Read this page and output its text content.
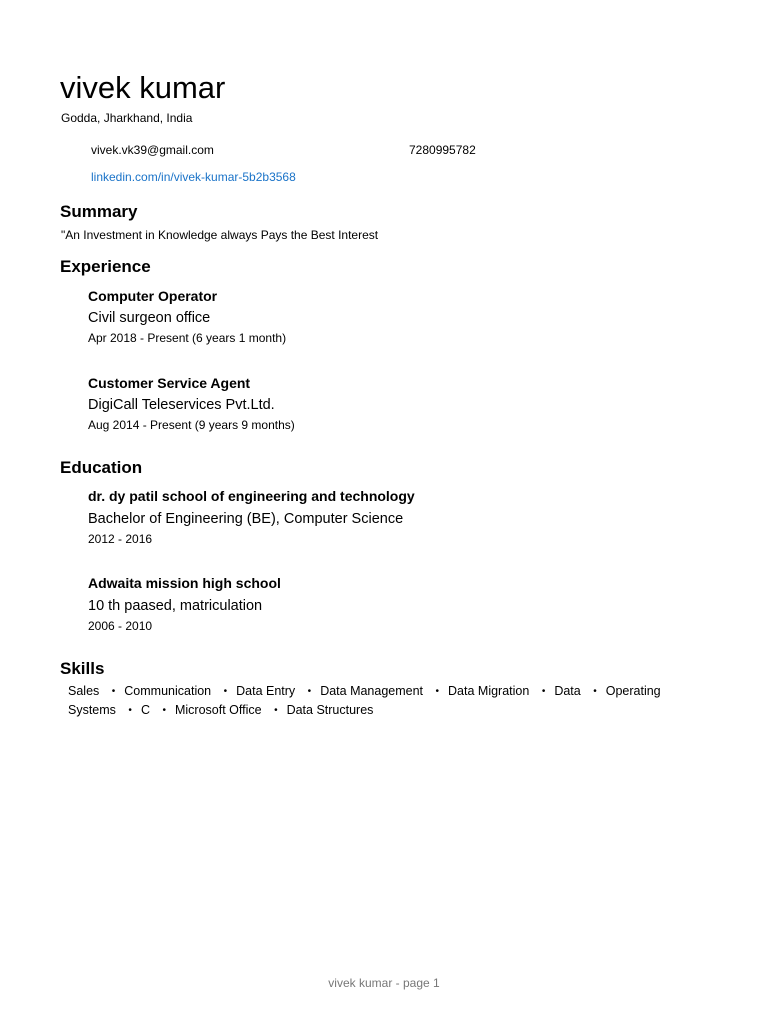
vivek kumar
Godda, Jharkhand, India
vivek.vk39@gmail.com	7280995782
linkedin.com/in/vivek-kumar-5b2b3568
Summary
"An Investment in Knowledge always Pays the Best Interest
Experience
Computer Operator
Civil surgeon office
Apr 2018 - Present (6 years 1 month)
Customer Service Agent
DigiCall Teleservices Pvt.Ltd.
Aug 2014 - Present (9 years 9 months)
Education
dr. dy patil school of engineering and technology
Bachelor of Engineering (BE), Computer Science
2012 - 2016
Adwaita mission high school
10 th paased, matriculation
2006 - 2010
Skills
Sales • Communication • Data Entry • Data Management • Data Migration • Data • Operating Systems • C • Microsoft Office • Data Structures
vivek kumar - page 1
